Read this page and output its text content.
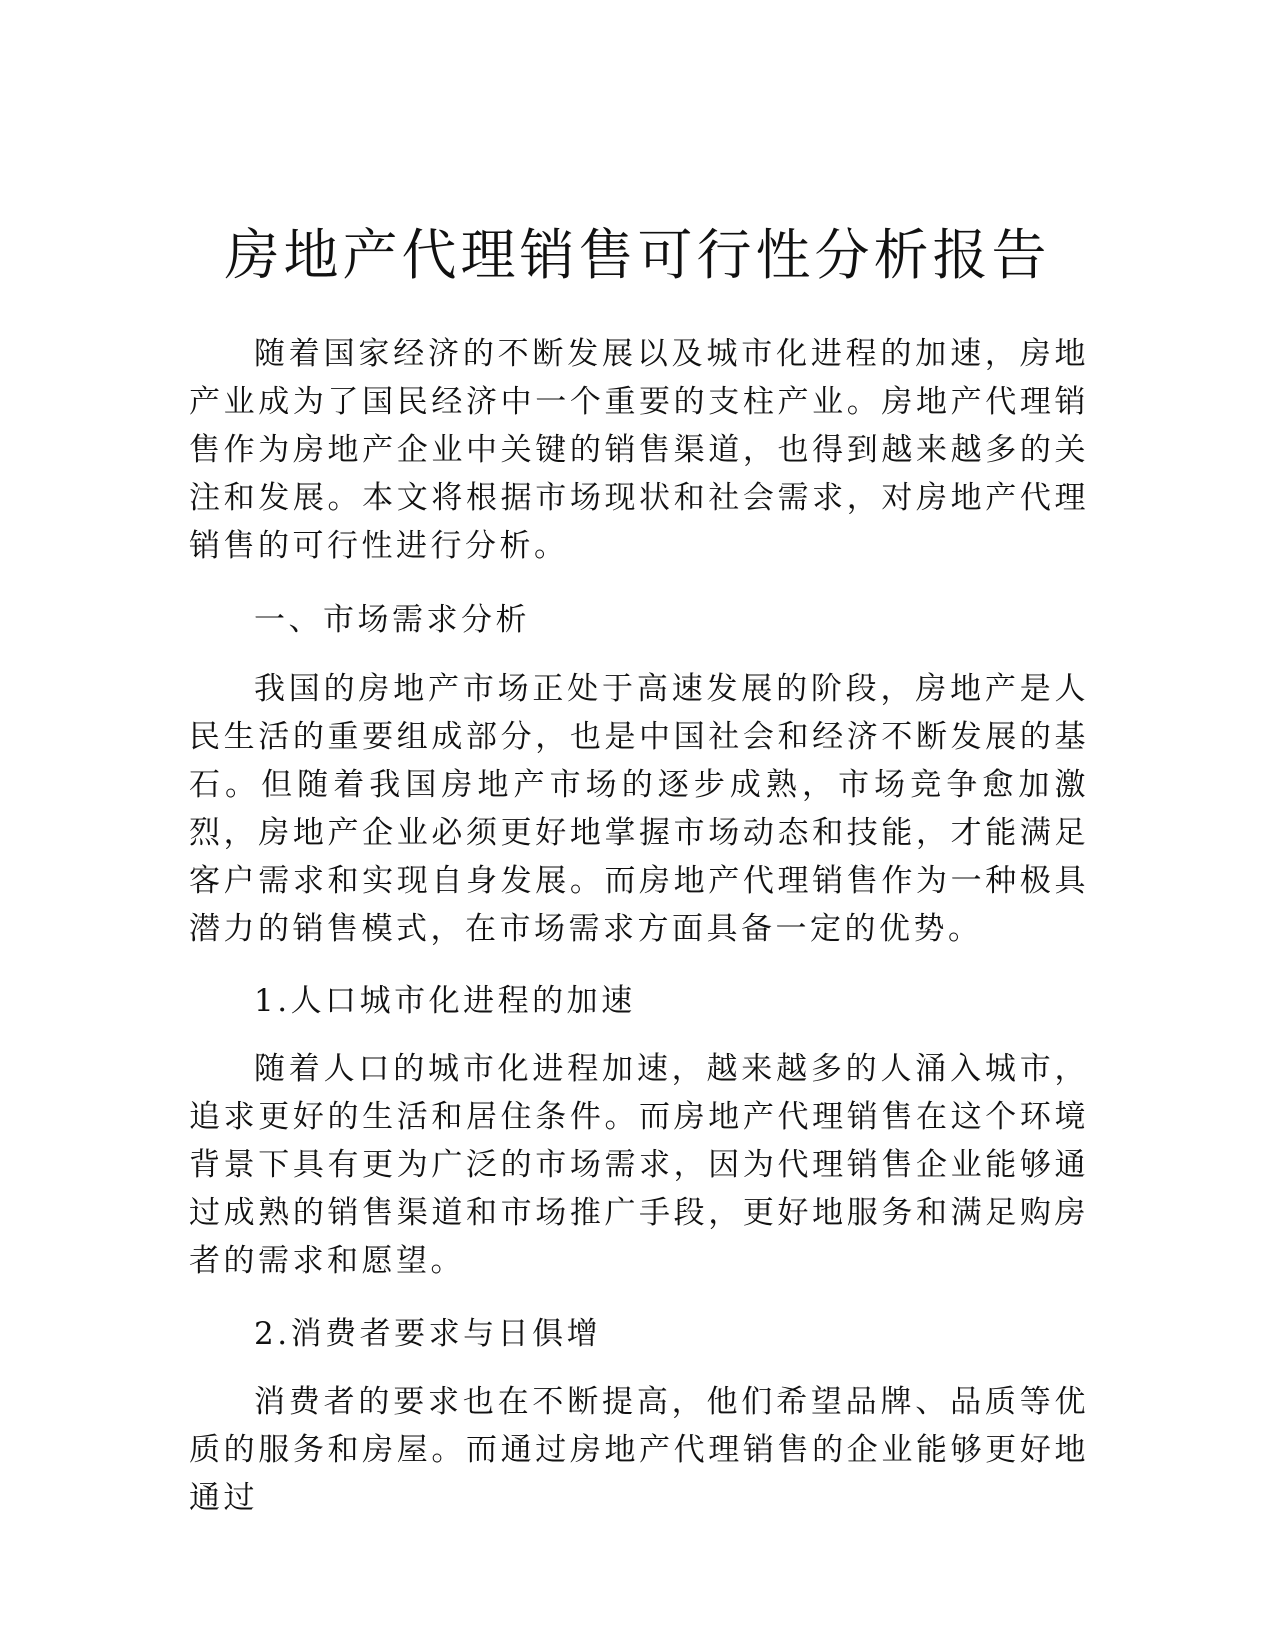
房地产代理销售可行性分析报告

随着国家经济的不断发展以及城市化进程的加速，房地产业成为了国民经济中一个重要的支柱产业。房地产代理销售作为房地产企业中关键的销售渠道，也得到越来越多的关注和发展。本文将根据市场现状和社会需求，对房地产代理销售的可行性进行分析。

一、市场需求分析

我国的房地产市场正处于高速发展的阶段，房地产是人民生活的重要组成部分，也是中国社会和经济不断发展的基石。但随着我国房地产市场的逐步成熟，市场竞争愈加激烈，房地产企业必须更好地掌握市场动态和技能，才能满足客户需求和实现自身发展。而房地产代理销售作为一种极具潜力的销售模式，在市场需求方面具备一定的优势。

1.人口城市化进程的加速

随着人口的城市化进程加速，越来越多的人涌入城市，追求更好的生活和居住条件。而房地产代理销售在这个环境背景下具有更为广泛的市场需求，因为代理销售企业能够通过成熟的销售渠道和市场推广手段，更好地服务和满足购房者的需求和愿望。

2.消费者要求与日俱增

消费者的要求也在不断提高，他们希望品牌、品质等优质的服务和房屋。而通过房地产代理销售的企业能够更好地通过
